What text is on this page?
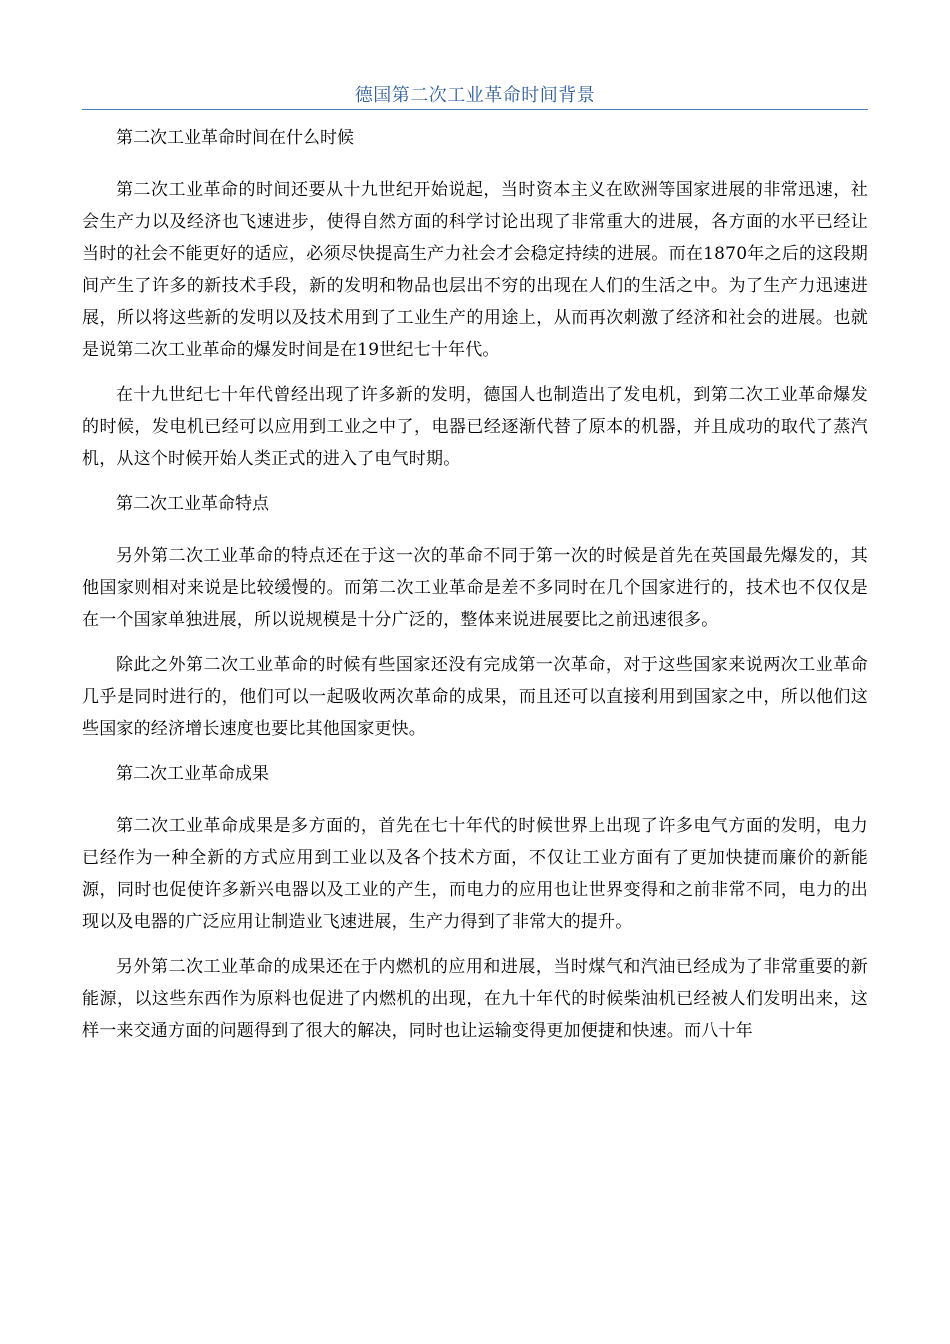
德国第二次工业革命时间背景

第二次工业革命时间在什么时候

第二次工业革命的时间还要从十九世纪开始说起，当时资本主义在欧洲等国家进展的非常迅速，社会生产力以及经济也飞速进步，使得自然方面的科学讨论出现了非常重大的进展，各方面的水平已经让当时的社会不能更好的适应，必须尽快提高生产力社会才会稳定持续的进展。而在1870年之后的这段期间产生了许多的新技术手段，新的发明和物品也层出不穷的出现在人们的生活之中。为了生产力迅速进展，所以将这些新的发明以及技术用到了工业生产的用途上，从而再次刺激了经济和社会的进展。也就是说第二次工业革命的爆发时间是在19世纪七十年代。

在十九世纪七十年代曾经出现了许多新的发明，德国人也制造出了发电机，到第二次工业革命爆发的时候，发电机已经可以应用到工业之中了，电器已经逐渐代替了原本的机器，并且成功的取代了蒸汽机，从这个时候开始人类正式的进入了电气时期。

第二次工业革命特点

另外第二次工业革命的特点还在于这一次的革命不同于第一次的时候是首先在英国最先爆发的，其他国家则相对来说是比较缓慢的。而第二次工业革命是差不多同时在几个国家进行的，技术也不仅仅是在一个国家单独进展，所以说规模是十分广泛的，整体来说进展要比之前迅速很多。

除此之外第二次工业革命的时候有些国家还没有完成第一次革命，对于这些国家来说两次工业革命几乎是同时进行的，他们可以一起吸收两次革命的成果，而且还可以直接利用到国家之中，所以他们这些国家的经济增长速度也要比其他国家更快。

第二次工业革命成果

第二次工业革命成果是多方面的，首先在七十年代的时候世界上出现了许多电气方面的发明，电力已经作为一种全新的方式应用到工业以及各个技术方面，不仅让工业方面有了更加快捷而廉价的新能源，同时也促使许多新兴电器以及工业的产生，而电力的应用也让世界变得和之前非常不同，电力的出现以及电器的广泛应用让制造业飞速进展，生产力得到了非常大的提升。

另外第二次工业革命的成果还在于内燃机的应用和进展，当时煤气和汽油已经成为了非常重要的新能源，以这些东西作为原料也促进了内燃机的出现，在九十年代的时候柴油机已经被人们发明出来，这样一来交通方面的问题得到了很大的解决，同时也让运输变得更加便捷和快速。而八十年
